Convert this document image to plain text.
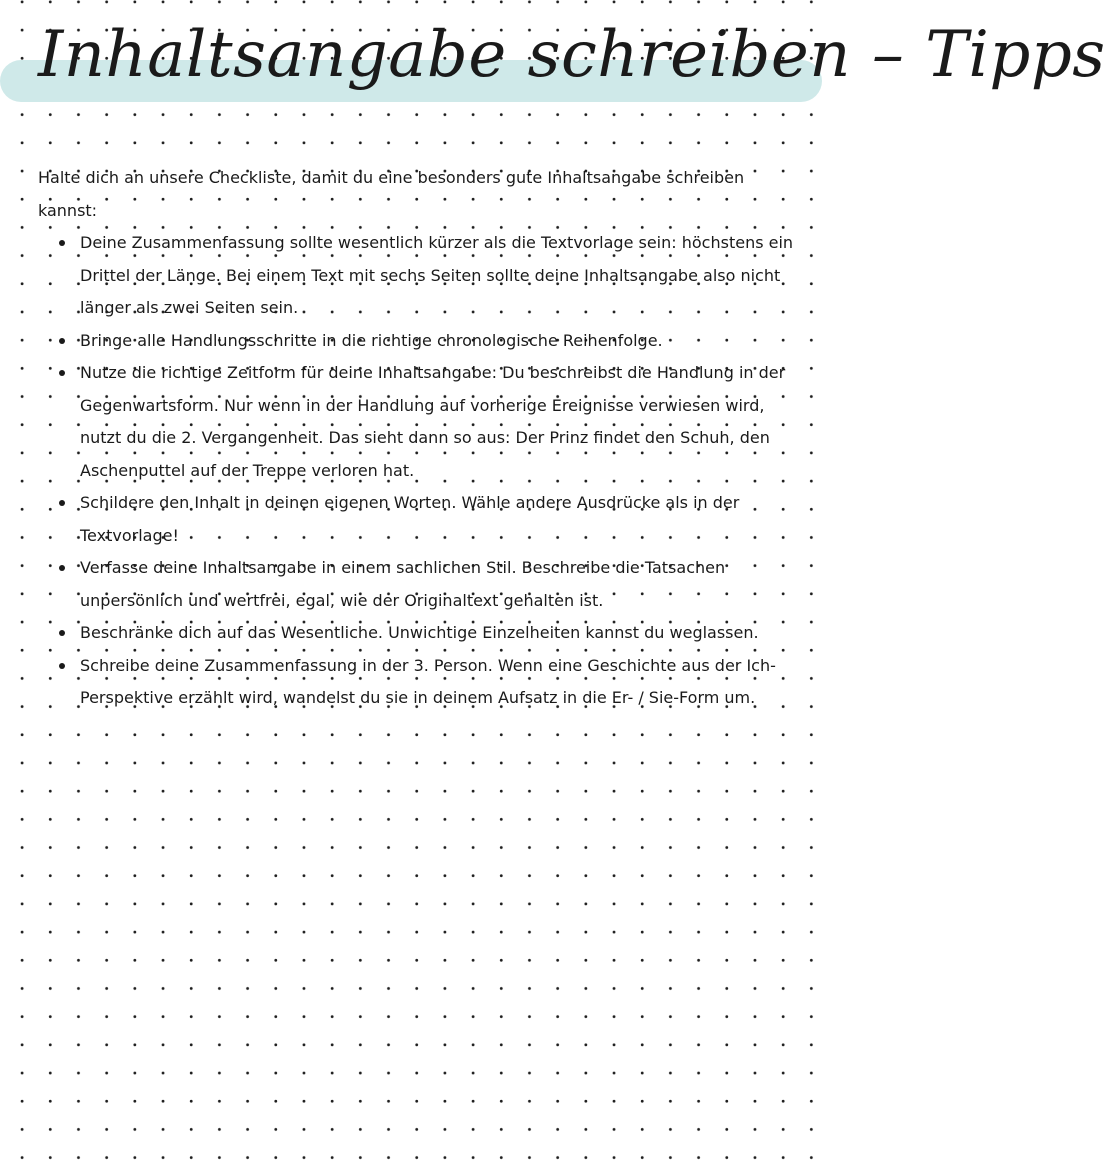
Inhaltsangabe schreiben – Tipps

Halte dich an unsere Checkliste, damit du eine besonders gute Inhaltsangabe schreiben kannst:

Deine Zusammenfassung sollte wesentlich kürzer als die Textvorlage sein: höchstens ein Drittel der Länge. Bei einem Text mit sechs Seiten sollte deine Inhaltsangabe also nicht länger als zwei Seiten sein.
Bringe alle Handlungsschritte in die richtige chronologische Reihenfolge.
Nutze die richtige Zeitform für deine Inhaltsangabe: Du beschreibst die Handlung in der Gegenwartsform. Nur wenn in der Handlung auf vorherige Ereignisse verwiesen wird, nutzt du die 2. Vergangenheit. Das sieht dann so aus: Der Prinz findet den Schuh, den Aschenputtel auf der Treppe verloren hat.
Schildere den Inhalt in deinen eigenen Worten. Wähle andere Ausdrücke als in der Textvorlage!
Verfasse deine Inhaltsangabe in einem sachlichen Stil. Beschreibe die Tatsachen unpersönlich und wertfrei, egal, wie der Originaltext gehalten ist.
Beschränke dich auf das Wesentliche. Unwichtige Einzelheiten kannst du weglassen.
Schreibe deine Zusammenfassung in der 3. Person. Wenn eine Geschichte aus der Ich-Perspektive erzählt wird, wandelst du sie in deinem Aufsatz in die Er- / Sie-Form um.
